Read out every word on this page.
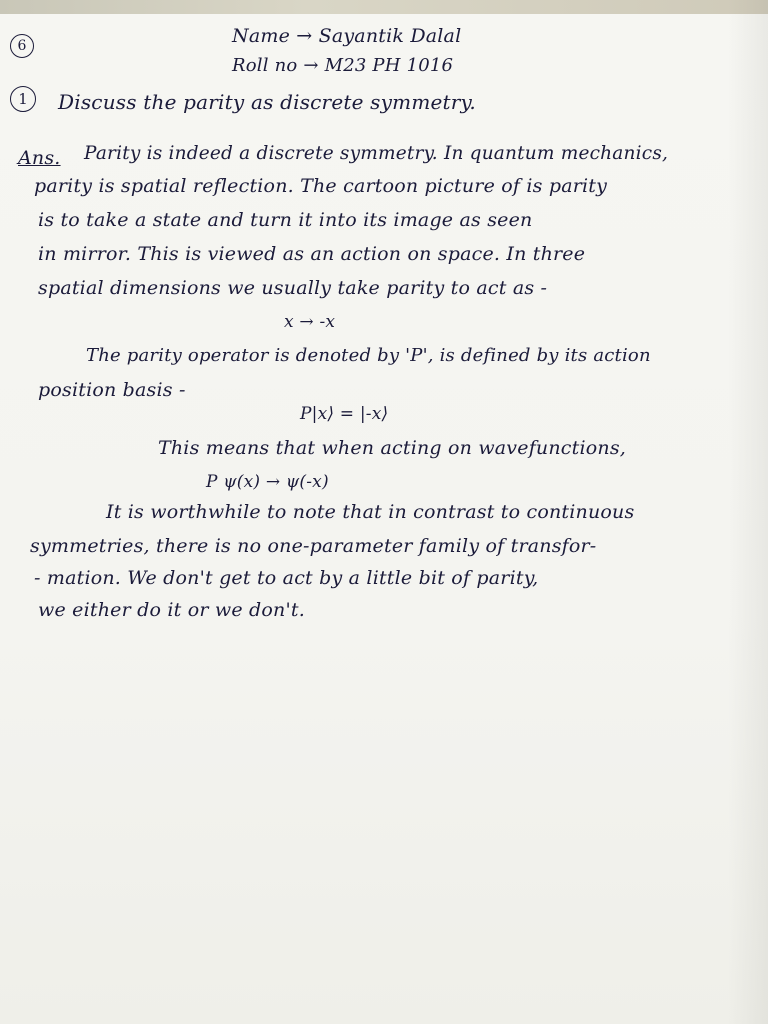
6	Name → Sayantik Dalal
Roll no → M23 PH 1016
1	Discuss the parity as discrete symmetry.
Ans. Parity is indeed a discrete symmetry. In quantum mechanics,
parity is spatial reflection. The cartoon picture of is parity
is to take a state and turn it into its image as seen
in mirror. This is viewed as an action on space. In three
spatial dimensions we usually take parity to act as -
x → -x
The parity operator is denoted by 'P', is defined by its action
position basis -
P|x⟩ = |-x⟩
This means that when acting on wavefunctions,
P ψ(x) → ψ(-x)
It is worthwhile to note that in contrast to continuous
symmetries, there is no one-parameter family of transfor-
- mation. We don't get to act by a little bit of parity,
we either do it or we don't.
